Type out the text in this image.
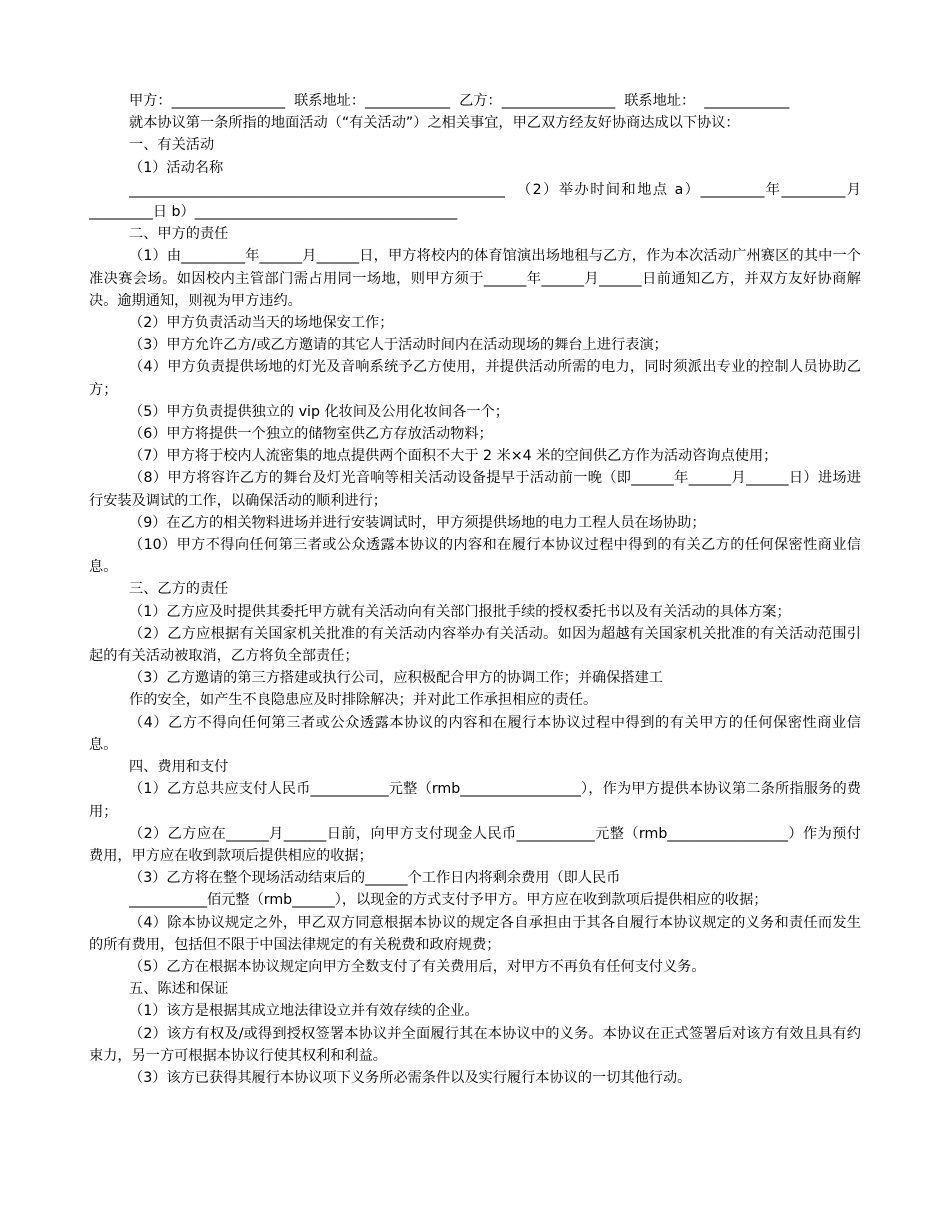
甲方：________________  联系地址：____________  乙方：________________  联系地址：  ____________

就本协议第一条所指的地面活动（“有关活动”）之相关事宜，甲乙双方经友好协商达成以下协议：

一、有关活动

（1）活动名称

_____________________________________________________  （2）举办时间和地点 a）_________年_________月_________日 b）_____________________________________

二、甲方的责任

（1）由_________年______月______日，甲方将校内的体育馆演出场地租与乙方，作为本次活动广州赛区的其中一个准决赛会场。如因校内主管部门需占用同一场地，则甲方须于______年______月______日前通知乙方，并双方友好协商解决。逾期通知，则视为甲方违约。

（2）甲方负责活动当天的场地保安工作；

（3）甲方允许乙方/或乙方邀请的其它人于活动时间内在活动现场的舞台上进行表演；

（4）甲方负责提供场地的灯光及音响系统予乙方使用，并提供活动所需的电力，同时须派出专业的控制人员协助乙方；

（5）甲方负责提供独立的 vip 化妆间及公用化妆间各一个；

（6）甲方将提供一个独立的储物室供乙方存放活动物料；

（7）甲方将于校内人流密集的地点提供两个面积不大于 2 米×4 米的空间供乙方作为活动咨询点使用；

（8）甲方将容许乙方的舞台及灯光音响等相关活动设备提早于活动前一晚（即______年______月______日）进场进行安装及调试的工作，以确保活动的顺利进行；

（9）在乙方的相关物料进场并进行安装调试时，甲方须提供场地的电力工程人员在场协助；

（10）甲方不得向任何第三者或公众透露本协议的内容和在履行本协议过程中得到的有关乙方的任何保密性商业信息。

三、乙方的责任

（1）乙方应及时提供其委托甲方就有关活动向有关部门报批手续的授权委托书以及有关活动的具体方案；

（2）乙方应根据有关国家机关批准的有关活动内容举办有关活动。如因为超越有关国家机关批准的有关活动范围引起的有关活动被取消，乙方将负全部责任；

（3）乙方邀请的第三方搭建或执行公司，应积极配合甲方的协调工作；并确保搭建工

作的安全，如产生不良隐患应及时排除解决；并对此工作承担相应的责任。

（4）乙方不得向任何第三者或公众透露本协议的内容和在履行本协议过程中得到的有关甲方的任何保密性商业信息。

四、费用和支付

（1）乙方总共应支付人民币___________元整（rmb_________________），作为甲方提供本协议第二条所指服务的费用；

（2）乙方应在______月______日前，向甲方支付现金人民币___________元整（rmb_________________）作为预付费用，甲方应在收到款项后提供相应的收据；

（3）乙方将在整个现场活动结束后的______个工作日内将剩余费用（即人民币

___________佰元整（rmb______），以现金的方式支付予甲方。甲方应在收到款项后提供相应的收据；

（4）除本协议规定之外，甲乙双方同意根据本协议的规定各自承担由于其各自履行本协议规定的义务和责任而发生的所有费用，包括但不限于中国法律规定的有关税费和政府规费；

（5）乙方在根据本协议规定向甲方全数支付了有关费用后，对甲方不再负有任何支付义务。

五、陈述和保证

（1）该方是根据其成立地法律设立并有效存续的企业。

（2）该方有权及/或得到授权签署本协议并全面履行其在本协议中的义务。本协议在正式签署后对该方有效且具有约束力，另一方可根据本协议行使其权利和利益。

（3）该方已获得其履行本协议项下义务所必需条件以及实行履行本协议的一切其他行动。
